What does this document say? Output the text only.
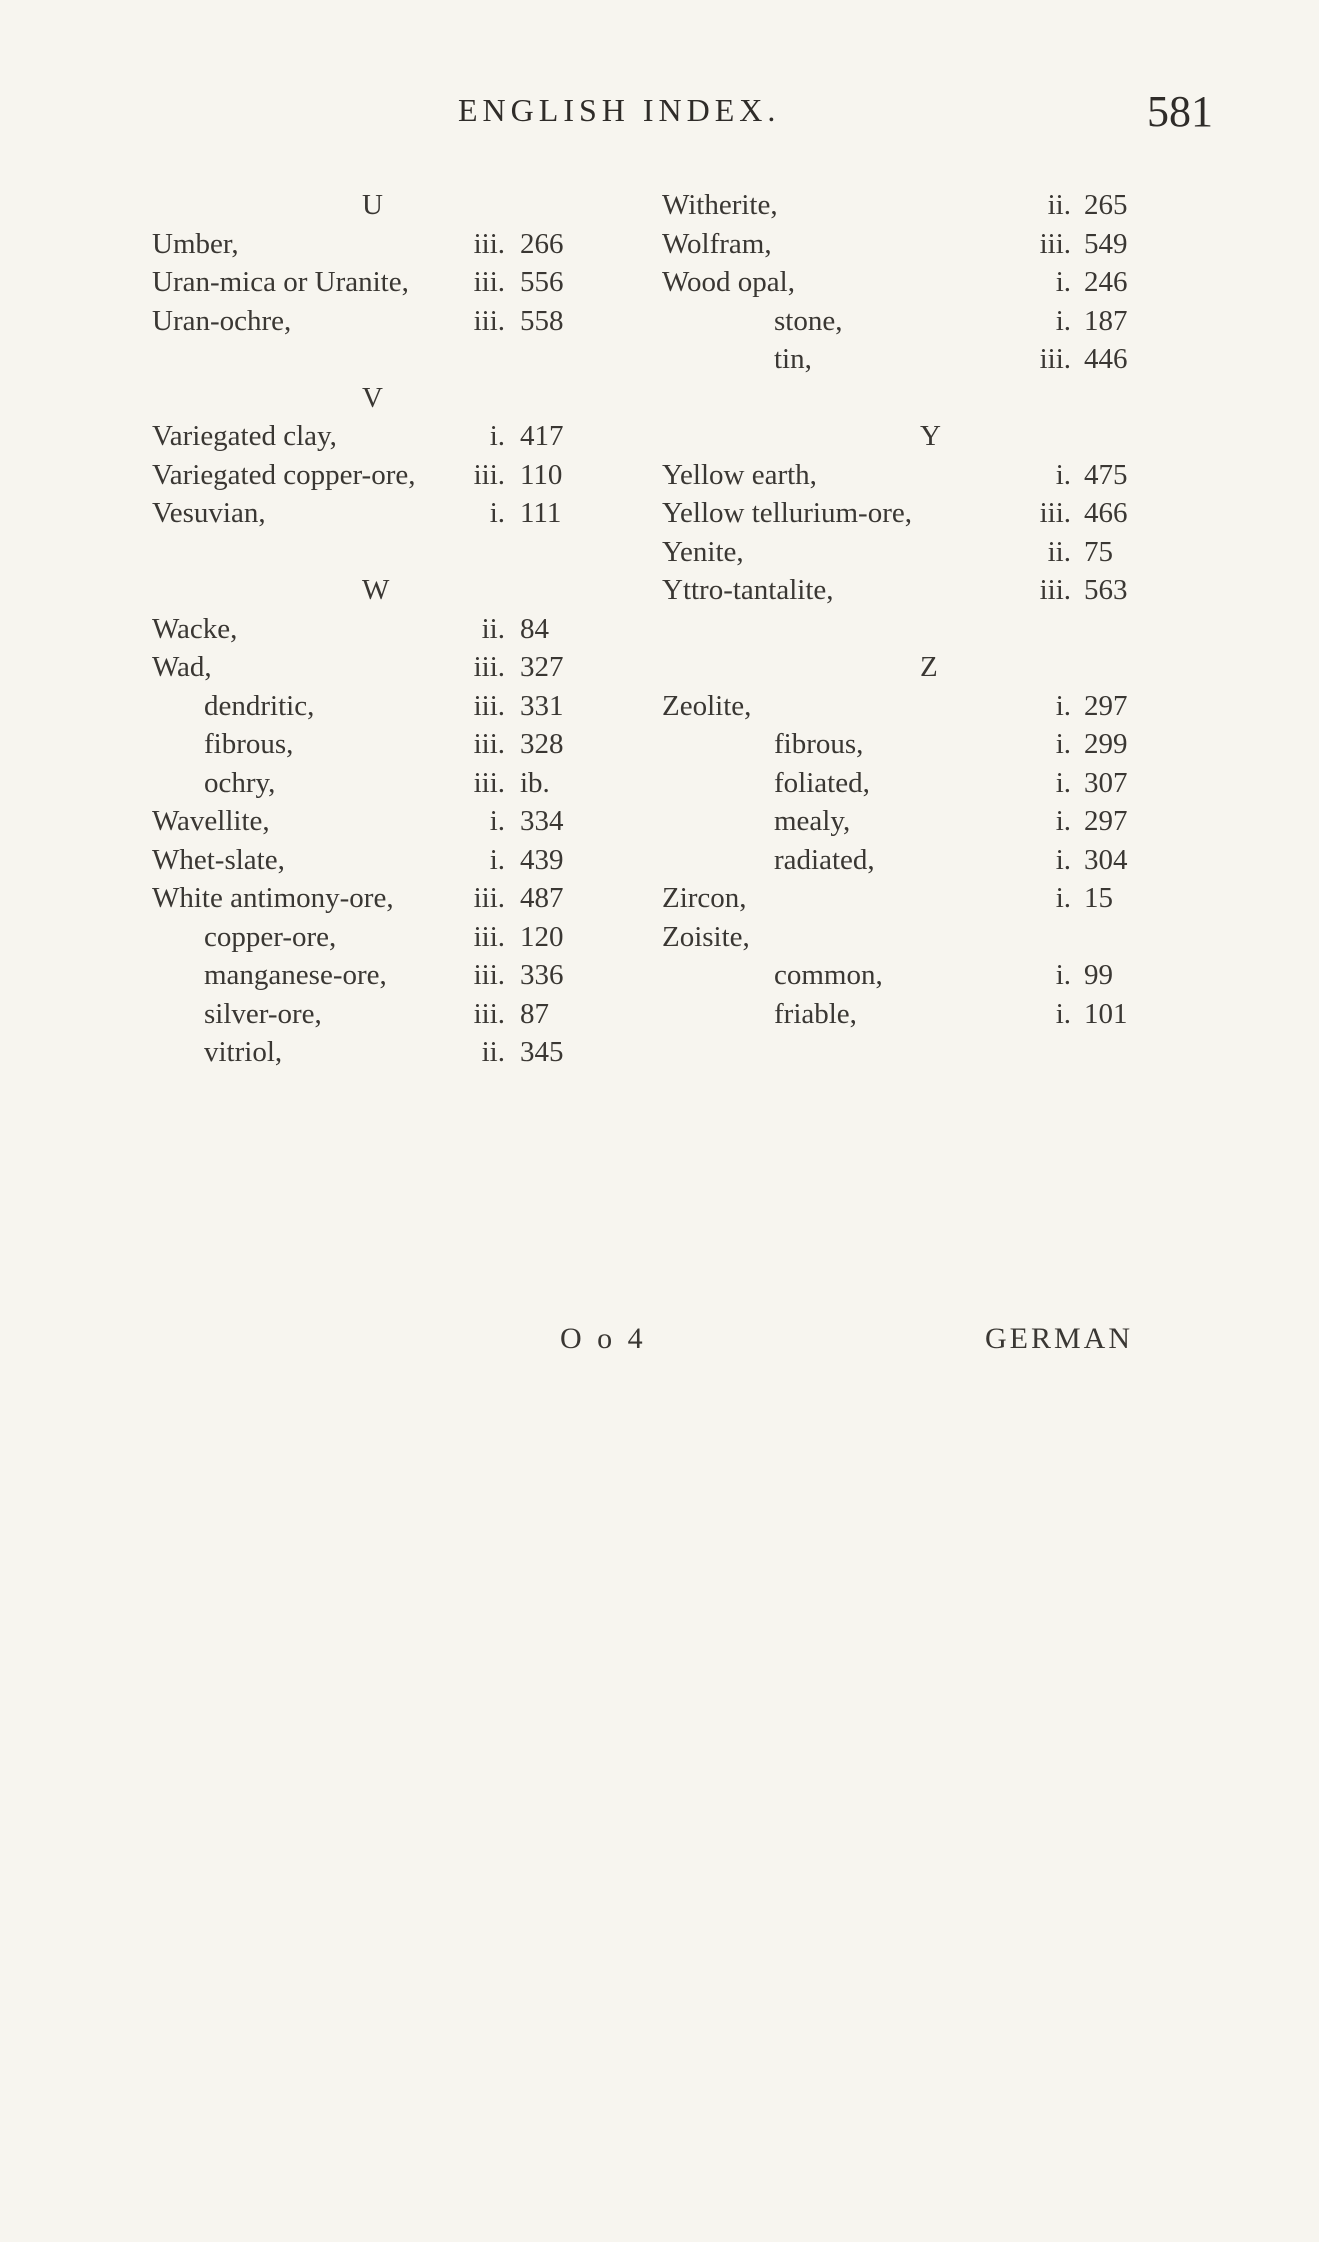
ENGLISH INDEX.	581
U
Umber,	iii. 266
Uran-mica or Uranite,	iii. 556
Uran-ochre,	iii. 558
V
Variegated clay,	i. 417
Variegated copper-ore,	iii. 110
Vesuvian,	i. 111
W
Wacke,	ii. 84
Wad,	iii. 327
dendritic,	iii. 331
fibrous,	iii. 328
ochry,	iii. ib.
Wavellite,	i. 334
Whet-slate,	i. 439
White antimony-ore,	iii. 487
copper-ore,	iii. 120
manganese-ore,	iii. 336
silver-ore,	iii. 87
vitriol,	ii. 345
Witherite,	ii. 265
Wolfram,	iii. 549
Wood opal,	i. 246
stone,	i. 187
tin,	iii. 446
Y
Yellow earth,	i. 475
Yellow tellurium-ore,	iii. 466
Yenite,	ii. 75
Yttro-tantalite,	iii. 563
Z
Zeolite,	i. 297
fibrous,	i. 299
foliated,	i. 307
mealy,	i. 297
radiated,	i. 304
Zircon,	i. 15
Zoisite,
common,	i. 99
friable,	i. 101
O o 4	GERMAN
